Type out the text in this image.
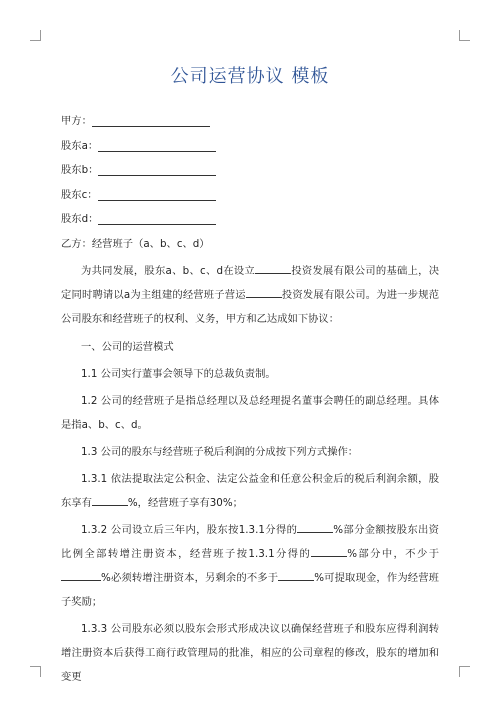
公司运营协议 模板
甲方：
股东a：
股东b：
股东c：
股东d：
乙方：经营班子（a、b、c、d）
为共同发展，股东a、b、c、d在设立	投资发展有限公司的基础上，决定同时聘请以a为主组建的经营班子营运	投资发展有限公司。为进一步规范公司股东和经营班子的权利、义务，甲方和乙达成如下协议：
一、公司的运营模式
1.1 公司实行董事会领导下的总裁负责制。
1.2 公司的经营班子是指总经理以及总经理提名董事会聘任的副总经理。具体是指a、b、c、d。
1.3 公司的股东与经营班子税后利润的分成按下列方式操作：
1.3.1 依法提取法定公积金、法定公益金和任意公积金后的税后利润余额，股东享有	%，经营班子享有30%；
1.3.2 公司设立后三年内，股东按1.3.1分得的	%部分金额按股东出资比例全部转增注册资本，经营班子按1.3.1分得的	%部分中，不少于%必须转增注册资本，另剩余的不多于	%可提取现金，作为经营班子奖励；
1.3.3 公司股东必须以股东会形式形成决议以确保经营班子和股东应得利润转增注册资本后获得工商行政管理局的批准，相应的公司章程的修改，股东的增加和变更
